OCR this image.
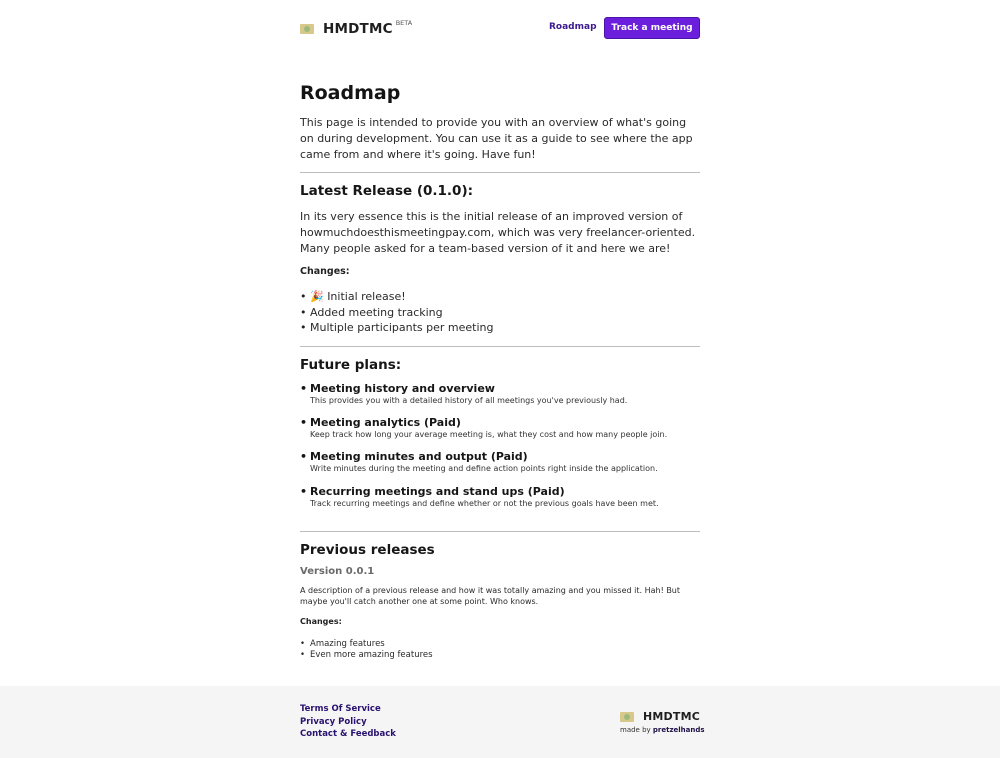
HMDTMC BETA	Roadmap	Track a meeting
Roadmap

This page is intended to provide you with an overview of what's going on during development. You can use it as a guide to see where the app came from and where it's going. Have fun!

Latest Release (0.1.0):

In its very essence this is the initial release of an improved version of howmuchdoesthismeetingpay.com, which was very freelancer-oriented. Many people asked for a team-based version of it and here we are!

Changes:
• 🎉 Initial release!
• Added meeting tracking
• Multiple participants per meeting
Future plans:
• Meeting history and overview
This provides you with a detailed history of all meetings you've previously had.
• Meeting analytics (Paid)
Keep track how long your average meeting is, what they cost and how many people join.
• Meeting minutes and output (Paid)
Write minutes during the meeting and define action points right inside the application.
• Recurring meetings and stand ups (Paid)
Track recurring meetings and define whether or not the previous goals have been met.
Previous releases
Version 0.0.1

A description of a previous release and how it was totally amazing and you missed it. Hah! But maybe you'll catch another one at some point. Who knows.

Changes:
• Amazing features
• Even more amazing features
Terms Of Service
Privacy Policy
Contact & Feedback
HMDTMC
made by pretzelhands
